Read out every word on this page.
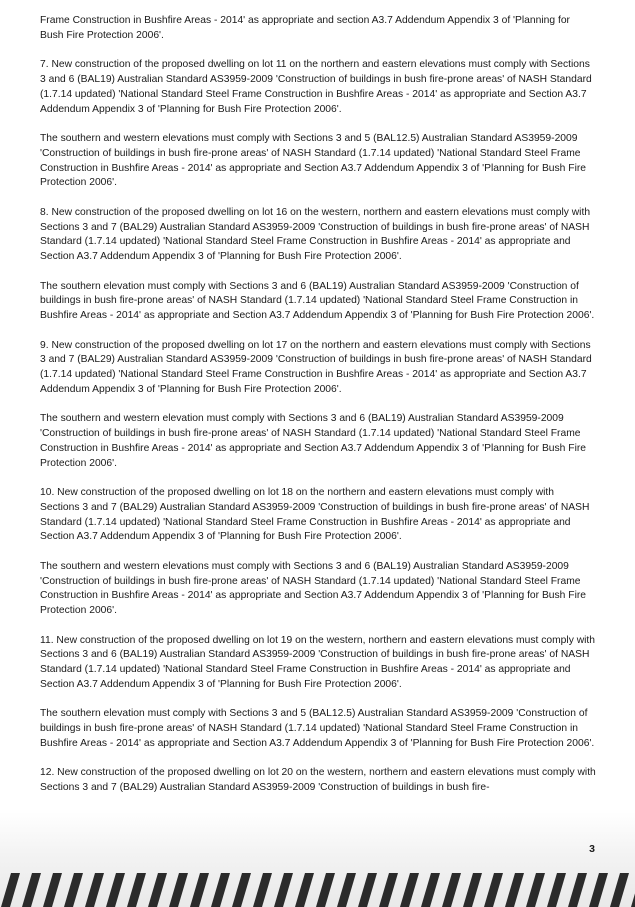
Frame Construction in Bushfire Areas - 2014' as appropriate and section A3.7 Addendum Appendix 3 of 'Planning for Bush Fire Protection 2006'.

7. New construction of the proposed dwelling on lot 11 on the northern and eastern elevations must comply with Sections 3 and 6 (BAL19) Australian Standard AS3959-2009 'Construction of buildings in bush fire-prone areas' of NASH Standard (1.7.14 updated) 'National Standard Steel Frame Construction in Bushfire Areas - 2014' as appropriate and Section A3.7 Addendum Appendix 3 of 'Planning for Bush Fire Protection 2006'.

The southern and western elevations must comply with Sections 3 and 5 (BAL12.5) Australian Standard AS3959-2009 'Construction of buildings in bush fire-prone areas' of NASH Standard (1.7.14 updated) 'National Standard Steel Frame Construction in Bushfire Areas - 2014' as appropriate and Section A3.7 Addendum Appendix 3 of 'Planning for Bush Fire Protection 2006'.

8. New construction of the proposed dwelling on lot 16 on the western, northern and eastern elevations must comply with Sections 3 and 7 (BAL29) Australian Standard AS3959-2009 'Construction of buildings in bush fire-prone areas' of NASH Standard (1.7.14 updated) 'National Standard Steel Frame Construction in Bushfire Areas - 2014' as appropriate and Section A3.7 Addendum Appendix 3 of 'Planning for Bush Fire Protection 2006'.

The southern elevation must comply with Sections 3 and 6 (BAL19) Australian Standard AS3959-2009 'Construction of buildings in bush fire-prone areas' of NASH Standard (1.7.14 updated) 'National Standard Steel Frame Construction in Bushfire Areas - 2014' as appropriate and Section A3.7 Addendum Appendix 3 of 'Planning for Bush Fire Protection 2006'.

9. New construction of the proposed dwelling on lot 17 on the northern and eastern elevations must comply with Sections 3 and 7 (BAL29) Australian Standard AS3959-2009 'Construction of buildings in bush fire-prone areas' of NASH Standard (1.7.14 updated) 'National Standard Steel Frame Construction in Bushfire Areas - 2014' as appropriate and Section A3.7 Addendum Appendix 3 of 'Planning for Bush Fire Protection 2006'.

The southern and western elevation must comply with Sections 3 and 6 (BAL19) Australian Standard AS3959-2009 'Construction of buildings in bush fire-prone areas' of NASH Standard (1.7.14 updated) 'National Standard Steel Frame Construction in Bushfire Areas - 2014' as appropriate and Section A3.7 Addendum Appendix 3 of 'Planning for Bush Fire Protection 2006'.

10. New construction of the proposed dwelling on lot 18 on the northern and eastern elevations must comply with Sections 3 and 7 (BAL29) Australian Standard AS3959-2009 'Construction of buildings in bush fire-prone areas' of NASH Standard (1.7.14 updated) 'National Standard Steel Frame Construction in Bushfire Areas - 2014' as appropriate and Section A3.7 Addendum Appendix 3 of 'Planning for Bush Fire Protection 2006'.

The southern and western elevations must comply with Sections 3 and 6 (BAL19) Australian Standard AS3959-2009 'Construction of buildings in bush fire-prone areas' of NASH Standard (1.7.14 updated) 'National Standard Steel Frame Construction in Bushfire Areas - 2014' as appropriate and Section A3.7 Addendum Appendix 3 of 'Planning for Bush Fire Protection 2006'.

11. New construction of the proposed dwelling on lot 19 on the western, northern and eastern elevations must comply with Sections 3 and 6 (BAL19) Australian Standard AS3959-2009 'Construction of buildings in bush fire-prone areas' of NASH Standard (1.7.14 updated) 'National Standard Steel Frame Construction in Bushfire Areas - 2014' as appropriate and Section A3.7 Addendum Appendix 3 of 'Planning for Bush Fire Protection 2006'.

The southern elevation must comply with Sections 3 and 5 (BAL12.5) Australian Standard AS3959-2009 'Construction of buildings in bush fire-prone areas' of NASH Standard (1.7.14 updated) 'National Standard Steel Frame Construction in Bushfire Areas - 2014' as appropriate and Section A3.7 Addendum Appendix 3 of 'Planning for Bush Fire Protection 2006'.

12. New construction of the proposed dwelling on lot 20 on the western, northern and eastern elevations must comply with Sections 3 and 7 (BAL29) Australian Standard AS3959-2009 'Construction of buildings in bush fire-

3
